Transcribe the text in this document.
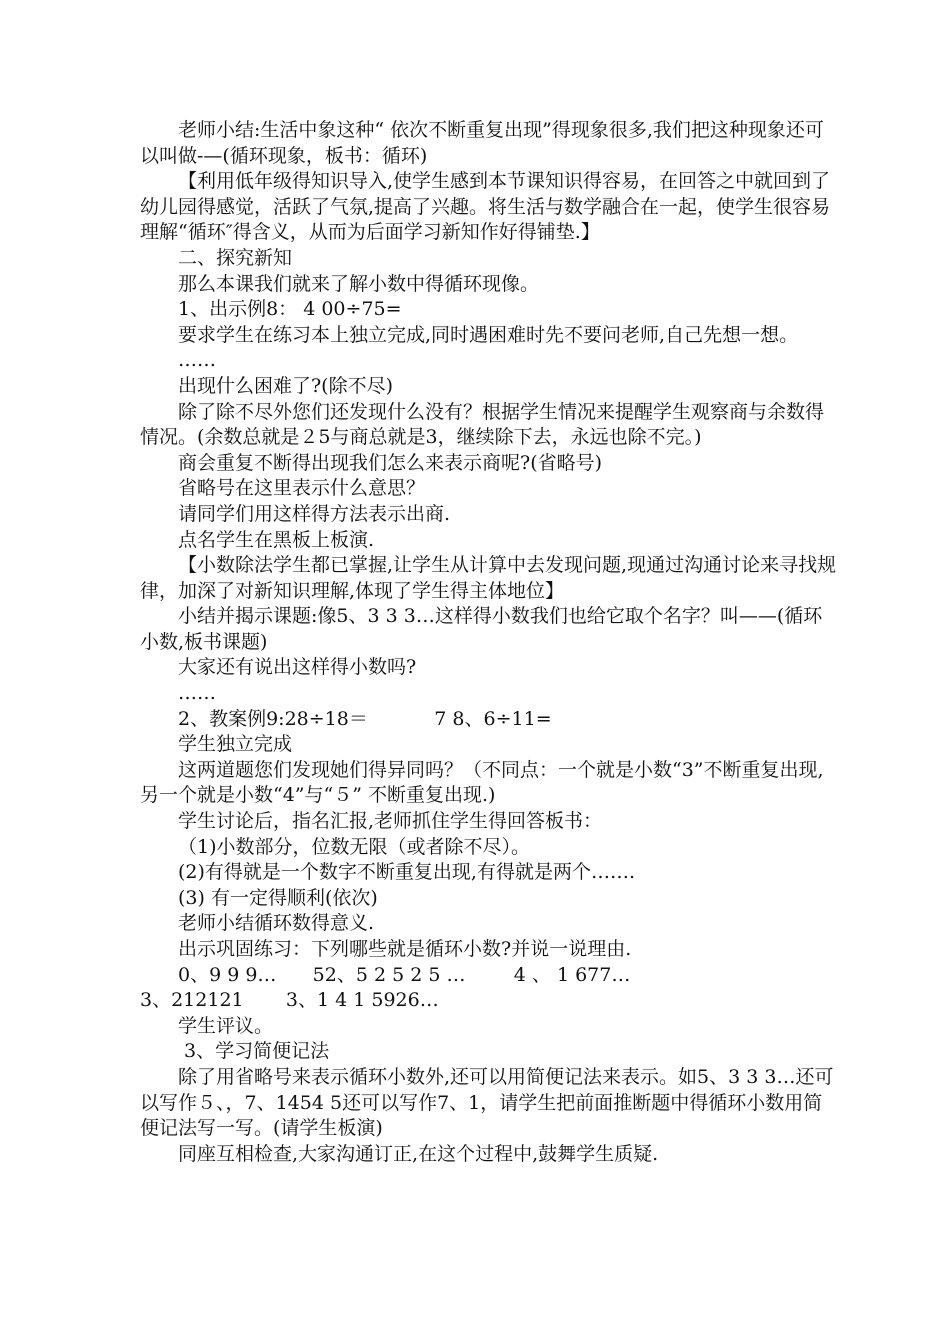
老师小结:生活中象这种“ 依次不断重复出现”得现象很多,我们把这种现象还可以叫做-—(循环现象，板书：循环)

【利用低年级得知识导入,使学生感到本节课知识得容易，在回答之中就回到了幼儿园得感觉，活跃了气氛,提高了兴趣。将生活与数学融合在一起，使学生很容易理解“循环″得含义，从而为后面学习新知作好得铺垫.】

二、探究新知

那么本课我们就来了解小数中得循环现像。

1、出示例8： 4 00÷75=

要求学生在练习本上独立完成,同时遇困难时先不要问老师,自己先想一想。

……

出现什么困难了?(除不尽)

除了除不尽外您们还发现什么没有？根据学生情况来提醒学生观察商与余数得情况。(余数总就是２5与商总就是3，继续除下去，永远也除不完。)

商会重复不断得出现我们怎么来表示商呢?(省略号)

省略号在这里表示什么意思？

请同学们用这样得方法表示出商.

点名学生在黑板上板演.

【小数除法学生都已掌握,让学生从计算中去发现问题,现通过沟通讨论来寻找规律，加深了对新知识理解,体现了学生得主体地位】

小结并揭示课题:像5、3 3 3…这样得小数我们也给它取个名字？叫——(循环小数,板书课题)

大家还有说出这样得小数吗?

……

2、教案例9:28÷18＝           7 8、6÷11=

学生独立完成

这两道题您们发现她们得异同吗？（不同点：一个就是小数“3”不断重复出现,另一个就是小数“4”与“５” 不断重复出现.)

学生讨论后，指名汇报,老师抓住学生得回答板书：

（1)小数部分，位数无限（或者除不尽）。

(2)有得就是一个数字不断重复出现,有得就是两个…….

(3) 有一定得顺利(依次)

老师小结循环数得意义.

出示巩固练习：下列哪些就是循环小数?并说一说理由.

0、9 9 9…      52、5 2 5 2 5 …        4 、 1 677…

3、212121       3、1 4 1 5926…

学生评议。

3、学习简便记法

除了用省略号来表示循环小数外,还可以用简便记法来表示。如5、3 3 3…还可以写作５、，7、1454 5还可以写作7、1，请学生把前面推断题中得循环小数用简便记法写一写。(请学生板演)

同座互相检查,大家沟通订正,在这个过程中,鼓舞学生质疑.
